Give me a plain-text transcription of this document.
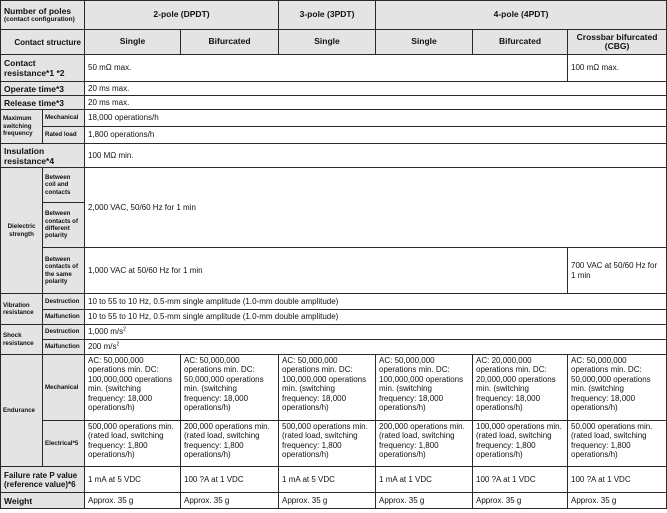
Number of poles
(contact configuration)		2-pole (DPDT)		3-pole (3PDT)	4-pole (4PDT)		
Contact structure		Single	Bifurcated	Single	Single	Bifurcated	Crossbar bifurcated (CBG)
Contact resistance*1 *2		50 mΩ max.					100 mΩ max.
Operate time*3		20 ms max.					
Release time*3		20 ms max.					
Maximum switching frequency	Mechanical	18,000 operations/h					
	Rated load	1,800 operations/h					
Insulation resistance*4		100 MΩ min.					
Dielectric strength	Between coil and contacts	2,000 VAC, 50/60 Hz for 1 min					
	Between contacts of different polarity						
	Between contacts of the same polarity	1,000 VAC at 50/60 Hz for 1 min					700 VAC at 50/60 Hz for 1 min
Vibration resistance	Destruction	10 to 55 to 10 Hz, 0.5-mm single amplitude (1.0-mm double amplitude)					
	Malfunction	10 to 55 to 10 Hz, 0.5-mm single amplitude (1.0-mm double amplitude)					
Shock resistance	Destruction	1,000 $m/s^2$
	Malfunction	200 $m/s^2$
Endurance	Mechanical	AC: 50,000,000 operations min. DC: 100,000,000 operations min. (switching frequency: 18,000 operations/h)	AC: 50,000,000 operations min. DC: 50,000,000 operations min. (switching frequency: 18,000 operations/h)	AC: 50,000,000 operations min. DC: 100,000,000 operations min. (switching frequency: 18,000 operations/h)	AC: 50,000,000 operations min. DC: 100,000,000 operations min. (switching frequency: 18,000 operations/h)	AC: 20,000,000 operations min. DC: 20,000,000 operations min. (switching frequency: 18,000 operations/h)	AC: 50,000,000 operations min. DC: 50,000,000 operations min. (switching frequency: 18,000 operations/h)
	Electrical*5	500,000 operations min. (rated load, switching frequency: 1,800 operations/h)	200,000 operations min. (rated load, switching frequency: 1,800 operations/h)	500,000 operations min. (rated load, switching frequency: 1,800 operations/h)	200,000 operations min. (rated load, switching frequency: 1,800 operations/h)	100,000 operations min. (rated load, switching frequency: 1,800 operations/h)	50,000 operations min. (rated load, switching frequency: 1,800 operations/h)
Failure rate P value (reference value)*6		1 mA at 5 VDC	100 ?A at 1 VDC	1 mA at 5 VDC	1 mA at 1 VDC	100 ?A at 1 VDC	100 ?A at 1 VDC
Weight		Approx. 35 g	Approx. 35 g	Approx. 35 g	Approx. 35 g	Approx. 35 g	Approx. 35 g
